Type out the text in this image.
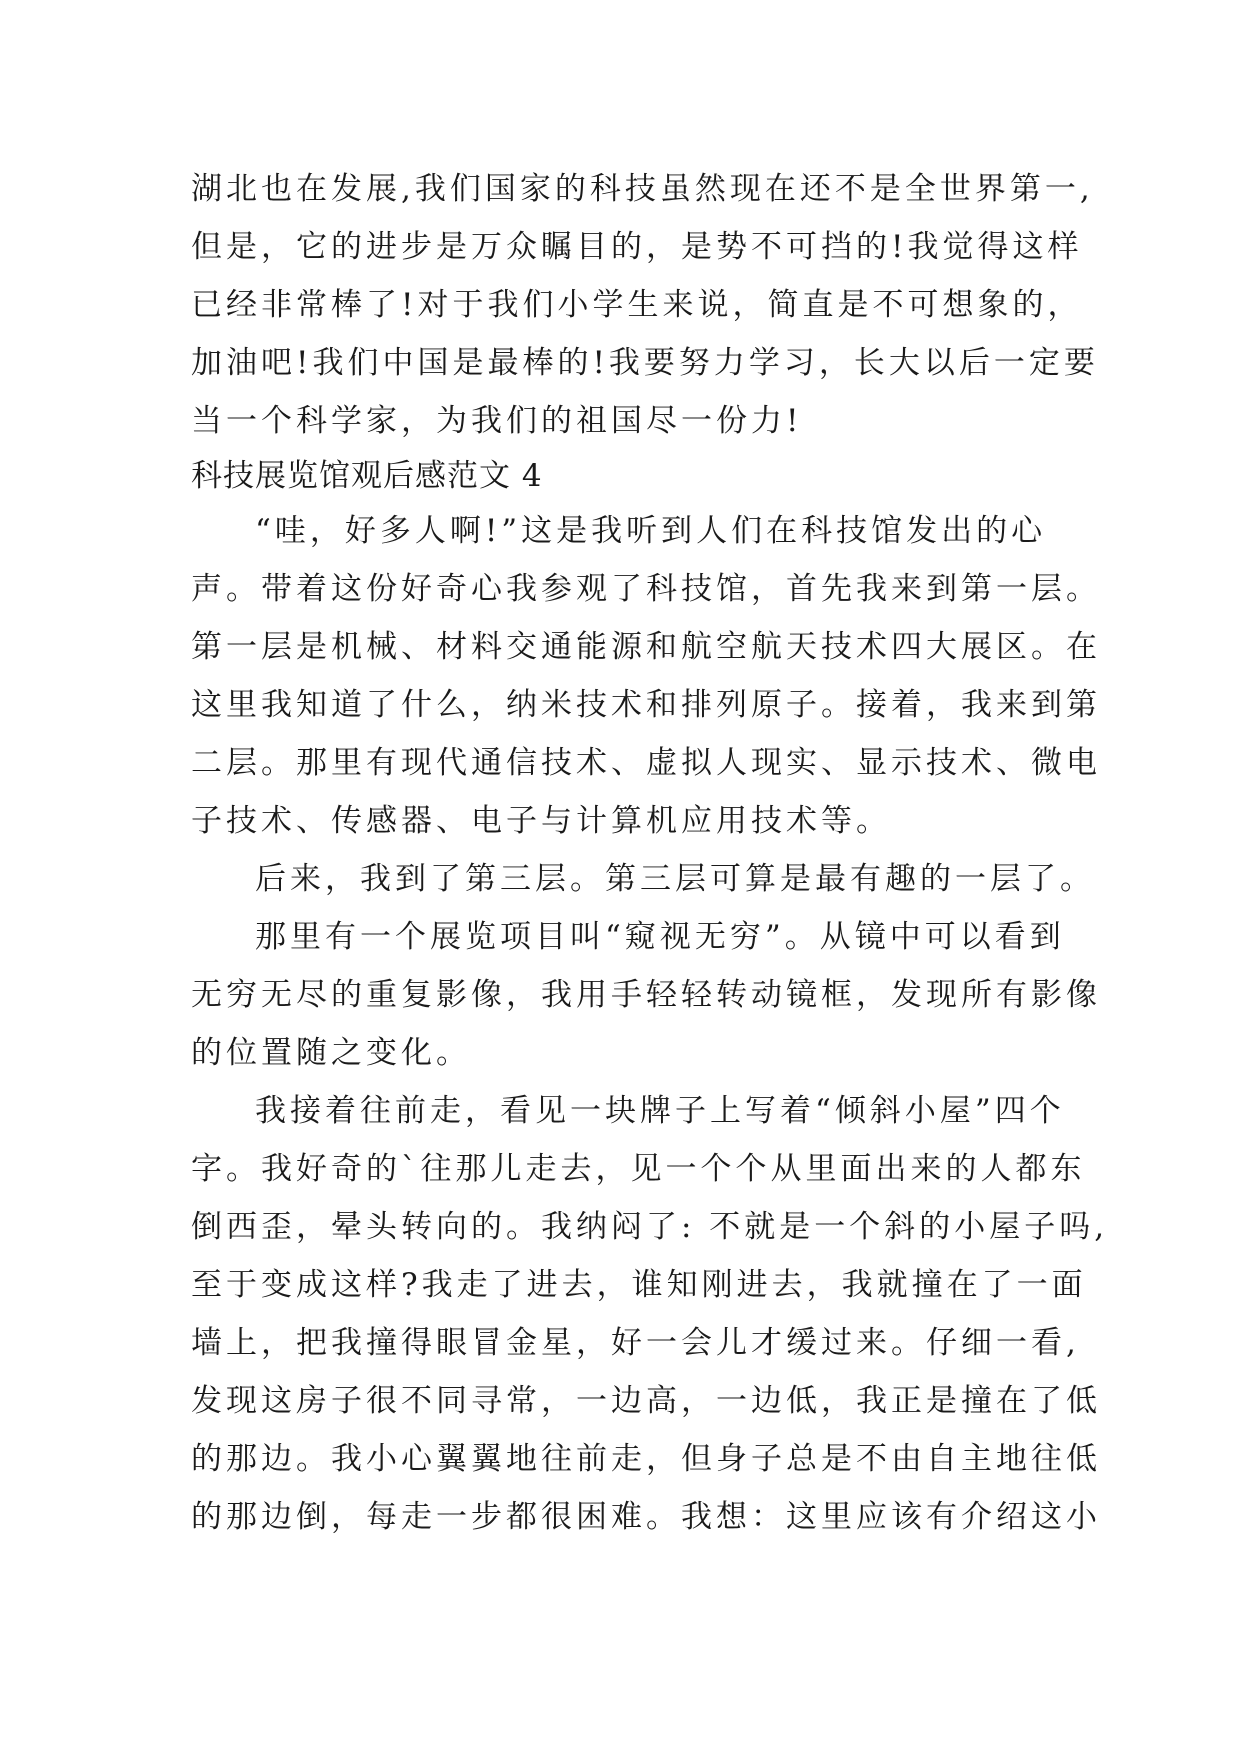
湖北也在发展,我们国家的科技虽然现在还不是全世界第一,
但是，它的进步是万众瞩目的，是势不可挡的!我觉得这样
已经非常棒了!对于我们小学生来说，简直是不可想象的，
加油吧!我们中国是最棒的!我要努力学习，长大以后一定要
当一个科学家，为我们的祖国尽一份力!
科技展览馆观后感范文 4
“哇，好多人啊!”这是我听到人们在科技馆发出的心
声。带着这份好奇心我参观了科技馆，首先我来到第一层。
第一层是机械、材料交通能源和航空航天技术四大展区。在
这里我知道了什么，纳米技术和排列原子。接着，我来到第
二层。那里有现代通信技术、虚拟人现实、显示技术、微电
子技术、传感器、电子与计算机应用技术等。
后来，我到了第三层。第三层可算是最有趣的一层了。
那里有一个展览项目叫“窥视无穷”。从镜中可以看到
无穷无尽的重复影像，我用手轻轻转动镜框，发现所有影像
的位置随之变化。
我接着往前走，看见一块牌子上写着“倾斜小屋”四个
字。我好奇的`往那儿走去，见一个个从里面出来的人都东
倒西歪，晕头转向的。我纳闷了: 不就是一个斜的小屋子吗,
至于变成这样?我走了进去，谁知刚进去，我就撞在了一面
墙上，把我撞得眼冒金星，好一会儿才缓过来。仔细一看,
发现这房子很不同寻常，一边高，一边低，我正是撞在了低
的那边。我小心翼翼地往前走，但身子总是不由自主地往低
的那边倒，每走一步都很困难。我想：这里应该有介绍这小
